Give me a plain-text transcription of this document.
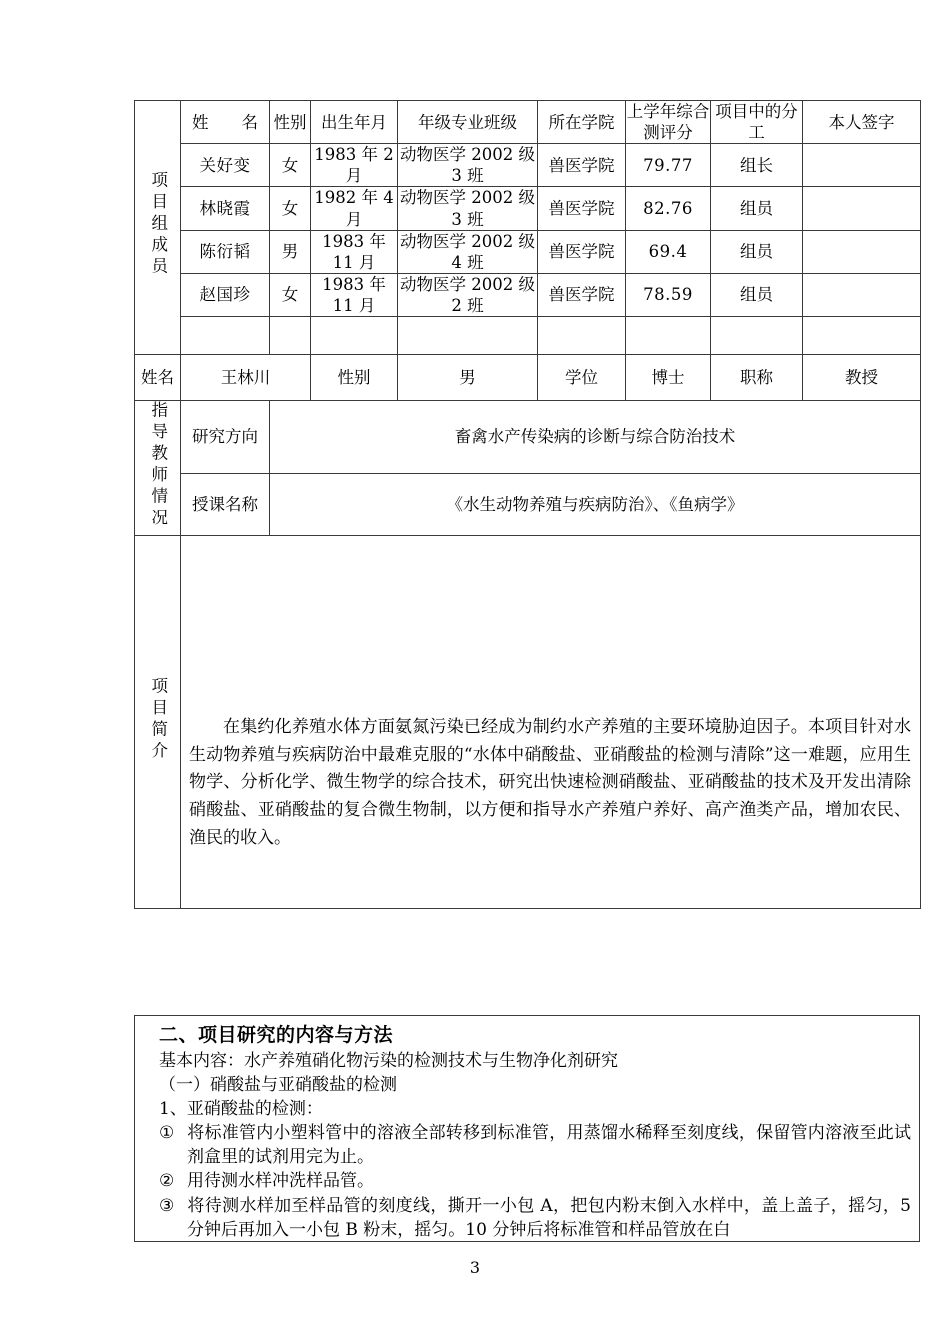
项目组成员	姓　　名	性别	出生年月	年级专业班级	所在学院	上学年综合测评分	项目中的分工	本人签字
	关好变	女	1983 年 2 月	动物医学 2002 级 3 班	兽医学院	79.77	组长	
	林晓霞	女	1982 年 4 月	动物医学 2002 级 3 班	兽医学院	82.76	组员	
	陈衍韬	男	1983 年 11 月	动物医学 2002 级 4 班	兽医学院	69.4	组员	
	赵国珍	女	1983 年 11 月	动物医学 2002 级 2 班	兽医学院	78.59	组员	

姓名	王林川		性别	男	学位	博士	职称	教授
指导教师情况	研究方向	畜禽水产传染病的诊断与综合防治技术						
	授课名称	《水生动物养殖与疾病防治》、《鱼病学》						
项目简介	在集约化养殖水体方面氨氮污染已经成为制约水产养殖的主要环境胁迫因子。本项目针对水生动物养殖与疾病防治中最难克服的“水体中硝酸盐、亚硝酸盐的检测与清除”这一难题，应用生物学、分析化学、微生物学的综合技术，研究出快速检测硝酸盐、亚硝酸盐的技术及开发出清除硝酸盐、亚硝酸盐的复合微生物制，以方便和指导水产养殖户养好、高产渔类产品，增加农民、渔民的收入。							

二、项目研究的内容与方法

基本内容：水产养殖硝化物污染的检测技术与生物净化剂研究

（一）硝酸盐与亚硝酸盐的检测

1、亚硝酸盐的检测：

① 将标准管内小塑料管中的溶液全部转移到标准管，用蒸馏水稀释至刻度线，保留管内溶液至此试剂盒里的试剂用完为止。

② 用待测水样冲洗样品管。

③ 将待测水样加至样品管的刻度线，撕开一小包 A，把包内粉末倒入水样中，盖上盖子，摇匀，5 分钟后再加入一小包 B 粉末，摇匀。10 分钟后将标准管和样品管放在白

3
